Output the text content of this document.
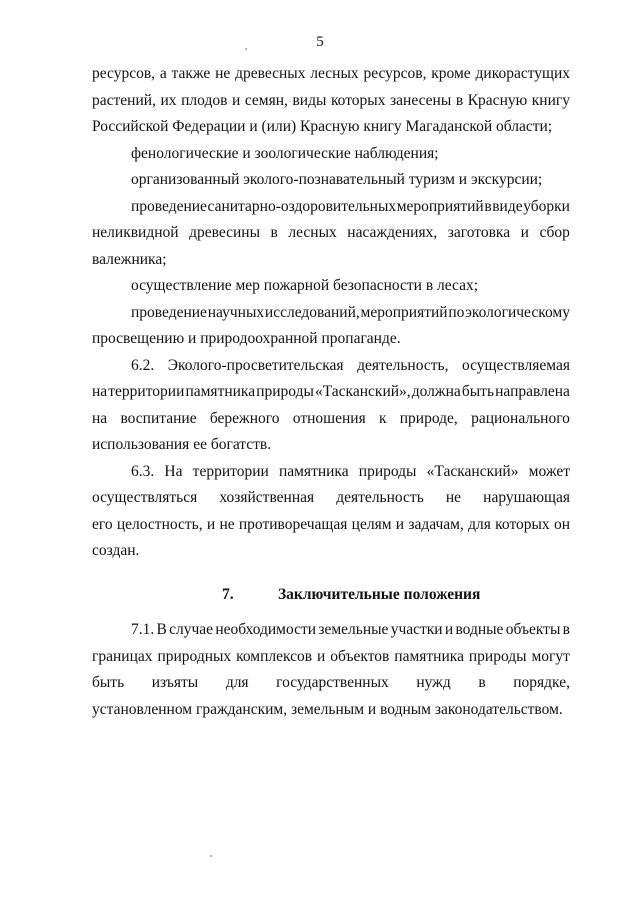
5
ресурсов, а также не древесных лесных ресурсов, кроме дикорастущих
растений, их плодов и семян, виды которых занесены в Красную книгу
Российской Федерации и (или) Красную книгу Магаданской области;
фенологические и зоологические наблюдения;
организованный эколого-познавательный туризм и экскурсии;
проведение санитарно-оздоровительных мероприятий в виде уборки
неликвидной древесины в лесных насаждениях, заготовка и сбор
валежника;
осуществление мер пожарной безопасности в лесах;
проведение научных исследований, мероприятий по экологическому
просвещению и природоохранной пропаганде.
6.2. Эколого-просветительская деятельность, осуществляемая
на территории памятника природы «Тасканский», должна быть направлена
на воспитание бережного отношения к природе, рационального
использования ее богатств.
6.3. На территории памятника природы «Тасканский» может
осуществляться хозяйственная деятельность не нарушающая
его целостность, и не противоречащая целям и задачам, для которых он
создан.
7.	Заключительные положения
7.1. В случае необходимости земельные участки и водные объекты в
границах природных комплексов и объектов памятника природы могут
быть изъяты для государственных нужд в порядке,
установленном гражданским, земельным и водным законодательством.
